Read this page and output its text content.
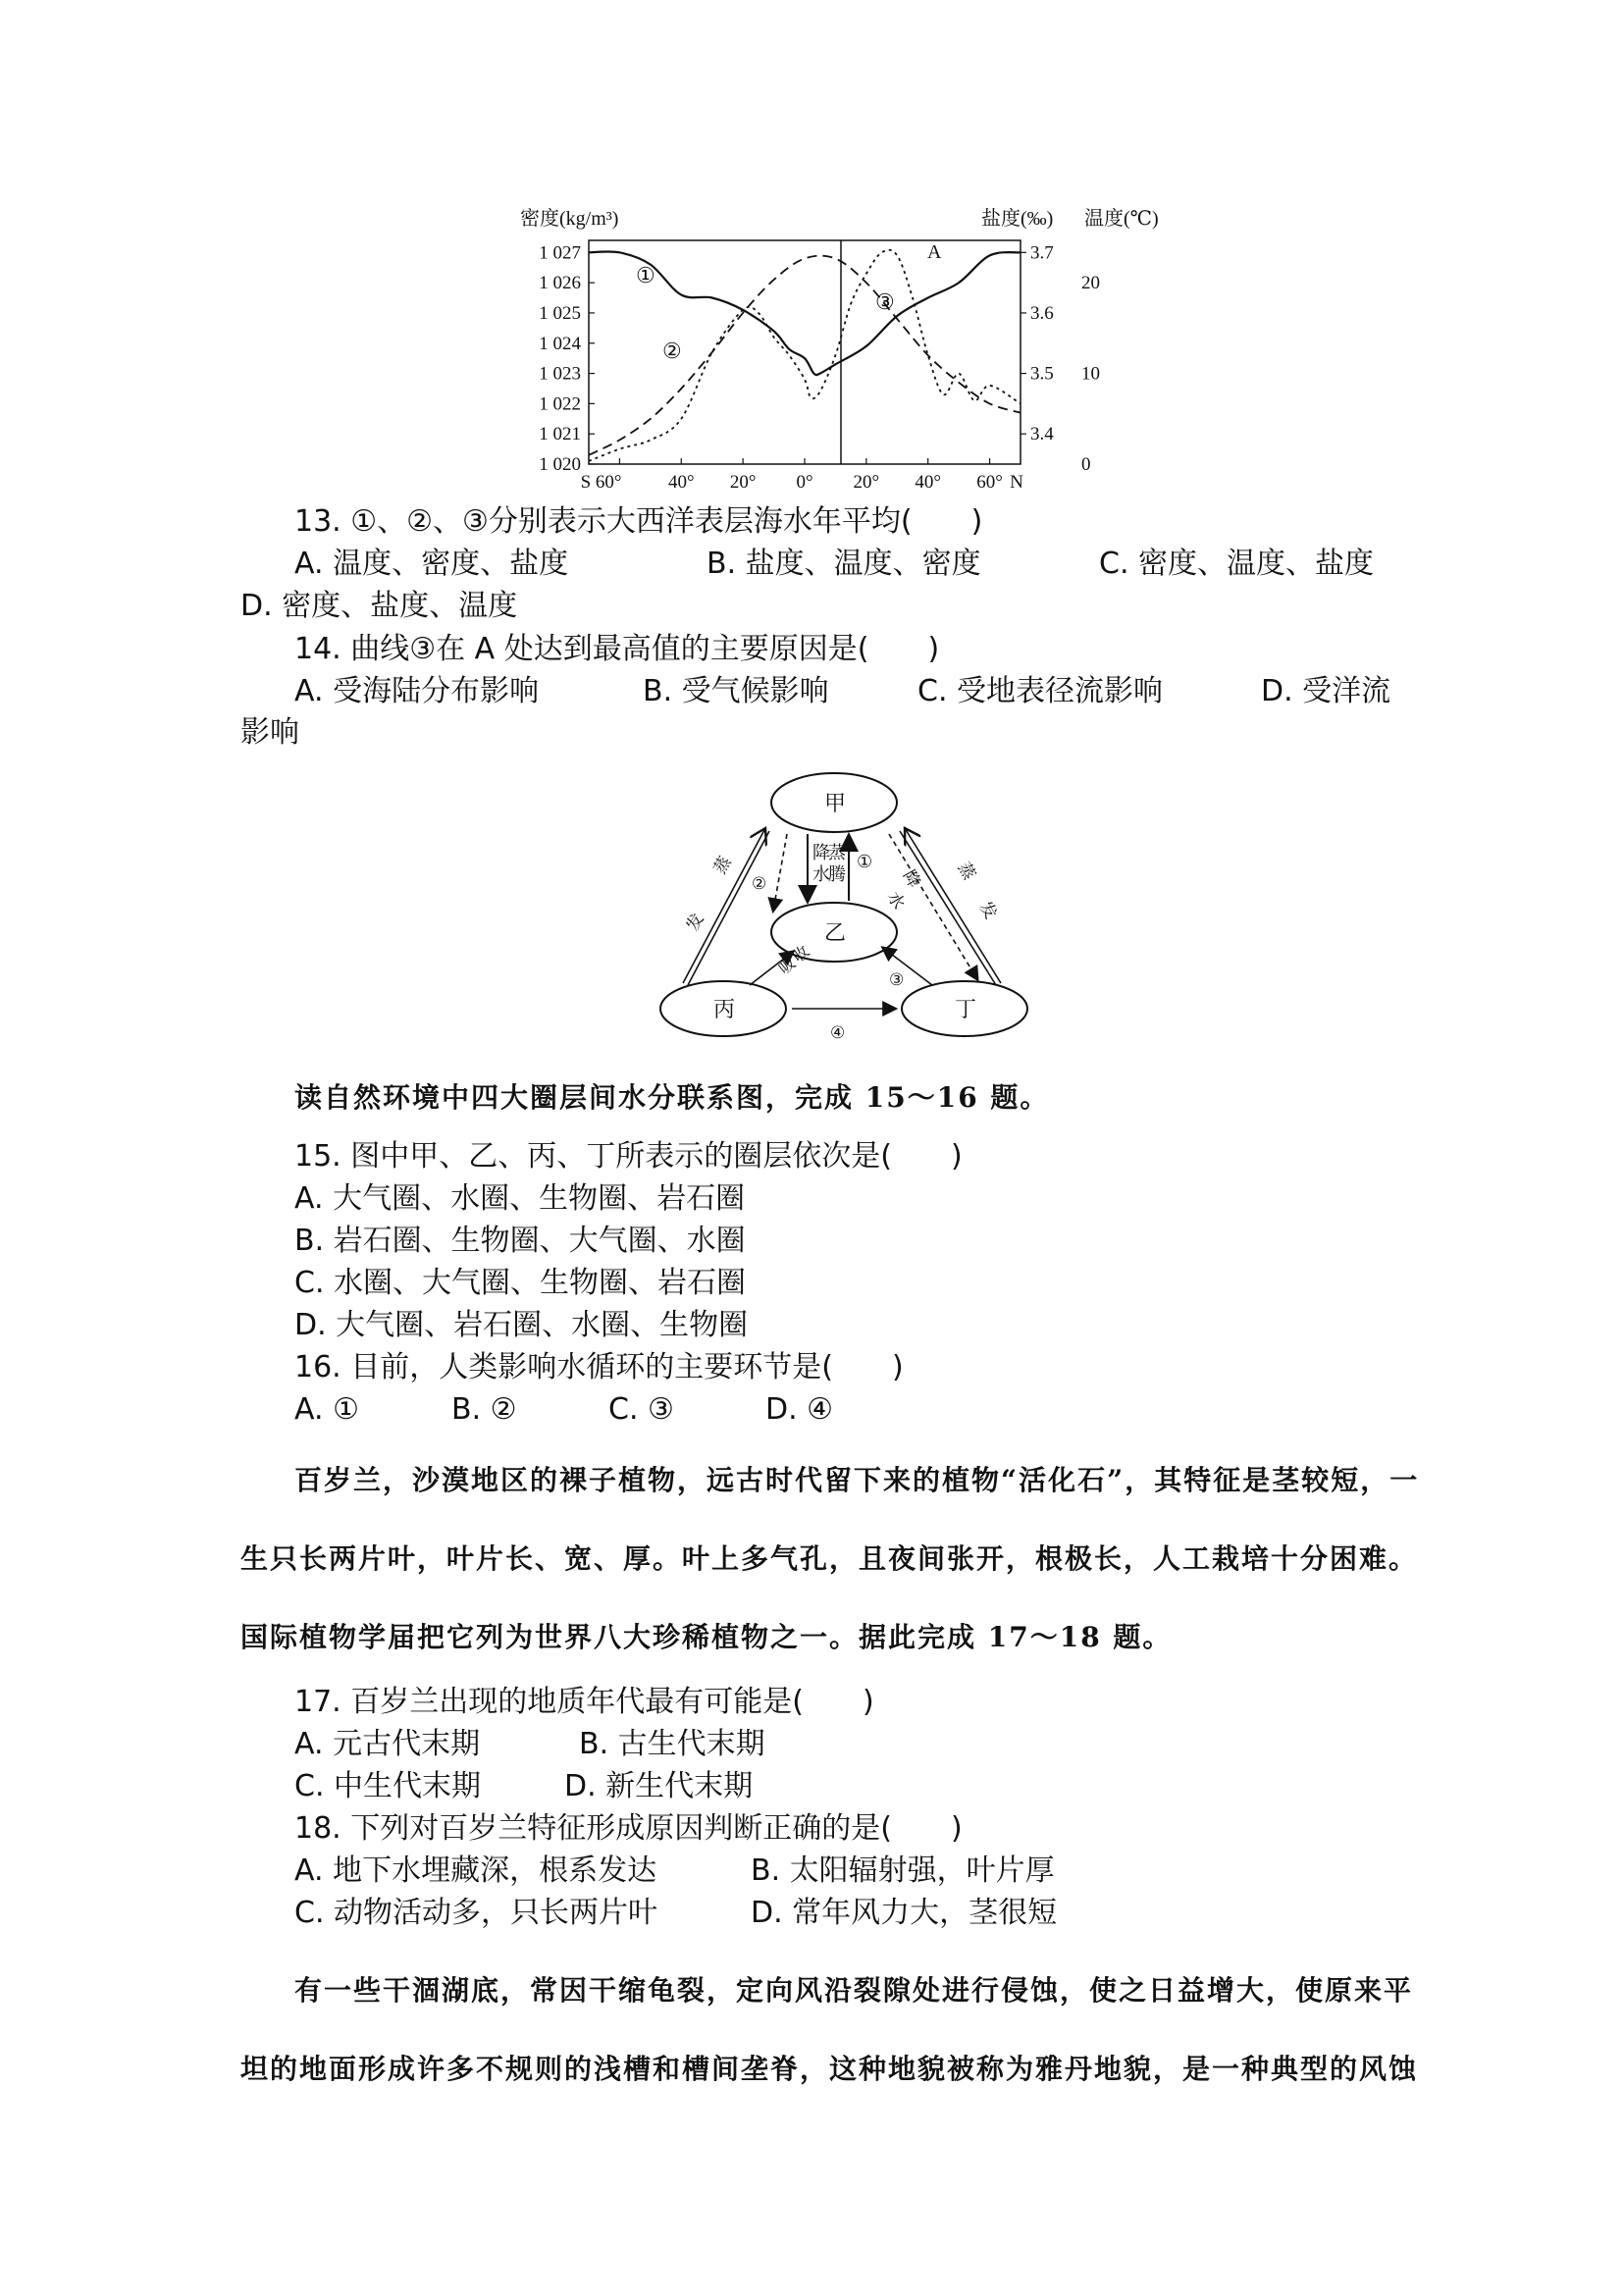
密度(kg/m³)	盐度(‰) 温度(℃)
1 027
1 026
1 025
1 024
1 023
1 022
1 021
1 020
3.7
3.6
3.5
3.4
20
10
0
S 60° 40° 20° 0° 20° 40° 60° N
①
②
③
A
13. ①、②、③分别表示大西洋表层海水年平均(　　)
A. 温度、密度、盐度	B. 盐度、温度、密度	C. 密度、温度、盐度
D. 密度、盐度、温度
14. 曲线③在 A 处达到最高值的主要原因是(　　)
A. 受海陆分布影响	B. 受气候影响	C. 受地表径流影响	D. 受洋流
影响
甲
乙
丙	丁
降
水
蒸
腾
①
蒸
发
②
蒸
发
降
水
③
吸
收
④
读自然环境中四大圈层间水分联系图，完成 15～16 题。
15. 图中甲、乙、丙、丁所表示的圈层依次是(　　)
A. 大气圈、水圈、生物圈、岩石圈
B. 岩石圈、生物圈、大气圈、水圈
C. 水圈、大气圈、生物圈、岩石圈
D. 大气圈、岩石圈、水圈、生物圈
16. 目前，人类影响水循环的主要环节是(　　)
A. ①	B. ②	C. ③	D. ④
百岁兰，沙漠地区的裸子植物，远古时代留下来的植物“活化石”，其特征是茎较短，一
生只长两片叶，叶片长、宽、厚。叶上多气孔，且夜间张开，根极长，人工栽培十分困难。
国际植物学届把它列为世界八大珍稀植物之一。据此完成 17～18 题。
17. 百岁兰出现的地质年代最有可能是(　　)
A. 元古代末期	B. 古生代末期
C. 中生代末期	D. 新生代末期
18. 下列对百岁兰特征形成原因判断正确的是(　　)
A. 地下水埋藏深，根系发达	B. 太阳辐射强，叶片厚
C. 动物活动多，只长两片叶	D. 常年风力大，茎很短
有一些干涸湖底，常因干缩龟裂，定向风沿裂隙处进行侵蚀，使之日益增大，使原来平
坦的地面形成许多不规则的浅槽和槽间垄脊，这种地貌被称为雅丹地貌，是一种典型的风蚀
